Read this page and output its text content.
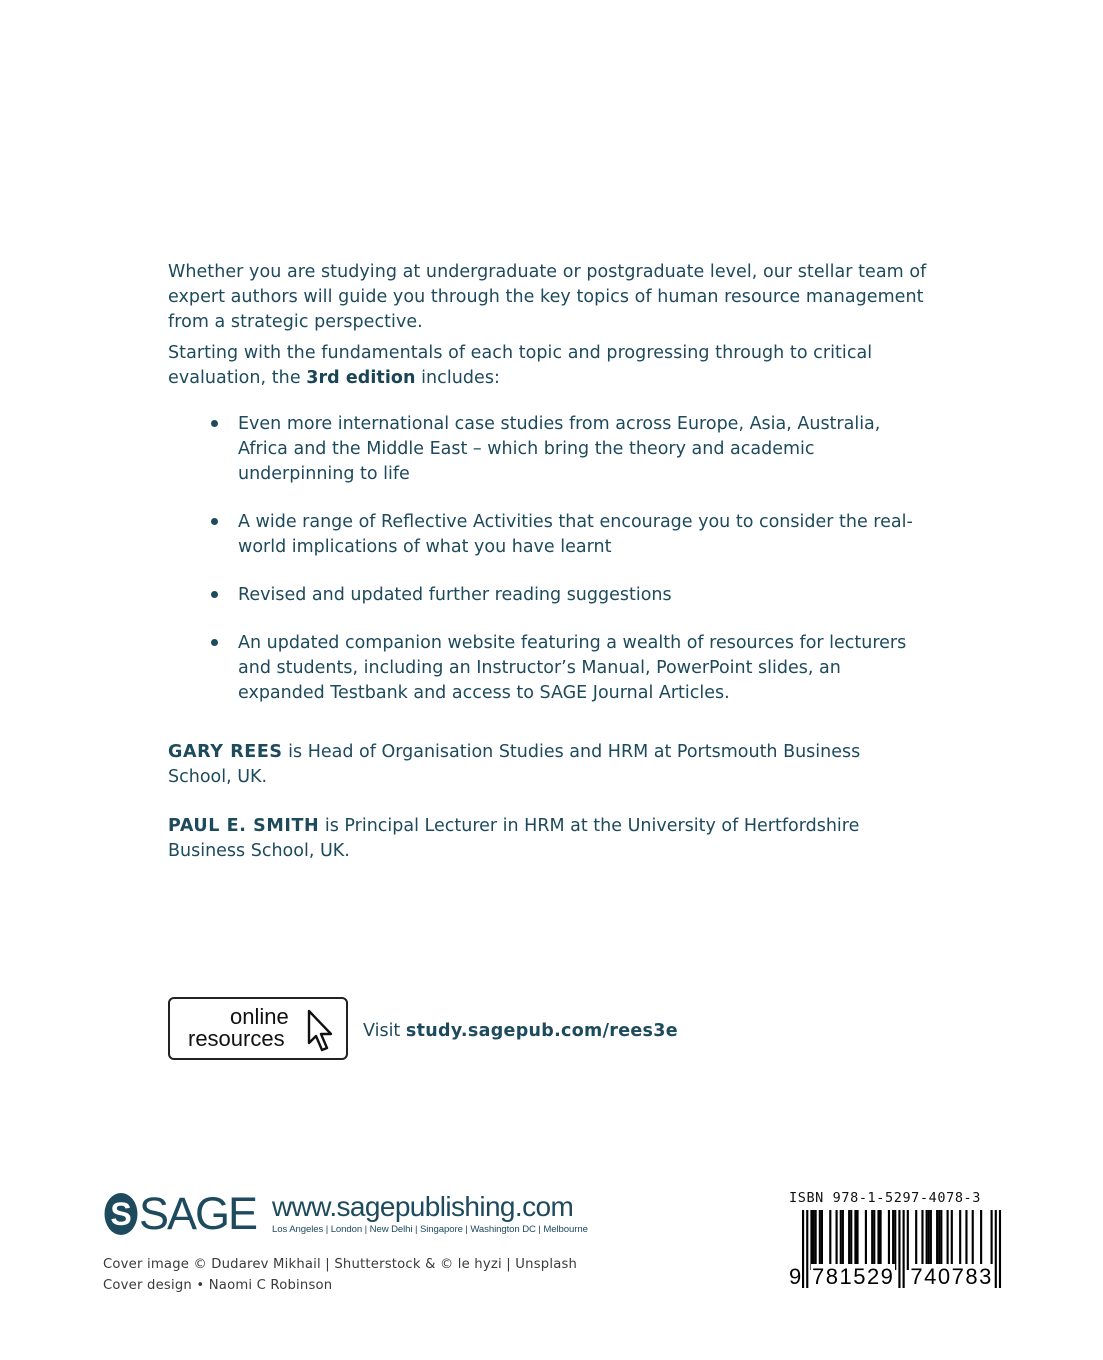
Whether you are studying at undergraduate or postgraduate level, our stellar team of expert authors will guide you through the key topics of human resource management from a strategic perspective.

Starting with the fundamentals of each topic and progressing through to critical evaluation, the 3rd edition includes:

Even more international case studies from across Europe, Asia, Australia, Africa and the Middle East – which bring the theory and academic underpinning to life
A wide range of Reflective Activities that encourage you to consider the real-world implications of what you have learnt
Revised and updated further reading suggestions
An updated companion website featuring a wealth of resources for lecturers and students, including an Instructor’s Manual, PowerPoint slides, an expanded Testbank and access to SAGE Journal Articles.

GARY REES is Head of Organisation Studies and HRM at Portsmouth Business School, UK.

PAUL E. SMITH is Principal Lecturer in HRM at the University of Hertfordshire Business School, UK.

online
resources	Visit study.sagepub.com/rees3e
S SAGE www.sagepublishing.com
Los Angeles | London | New Delhi | Singapore | Washington DC | Melbourne
Cover image © Dudarev Mikhail | Shutterstock & © le hyzi | Unsplash
Cover design • Naomi C Robinson
ISBN 978-1-5297-4078-3
9 781529 740783
